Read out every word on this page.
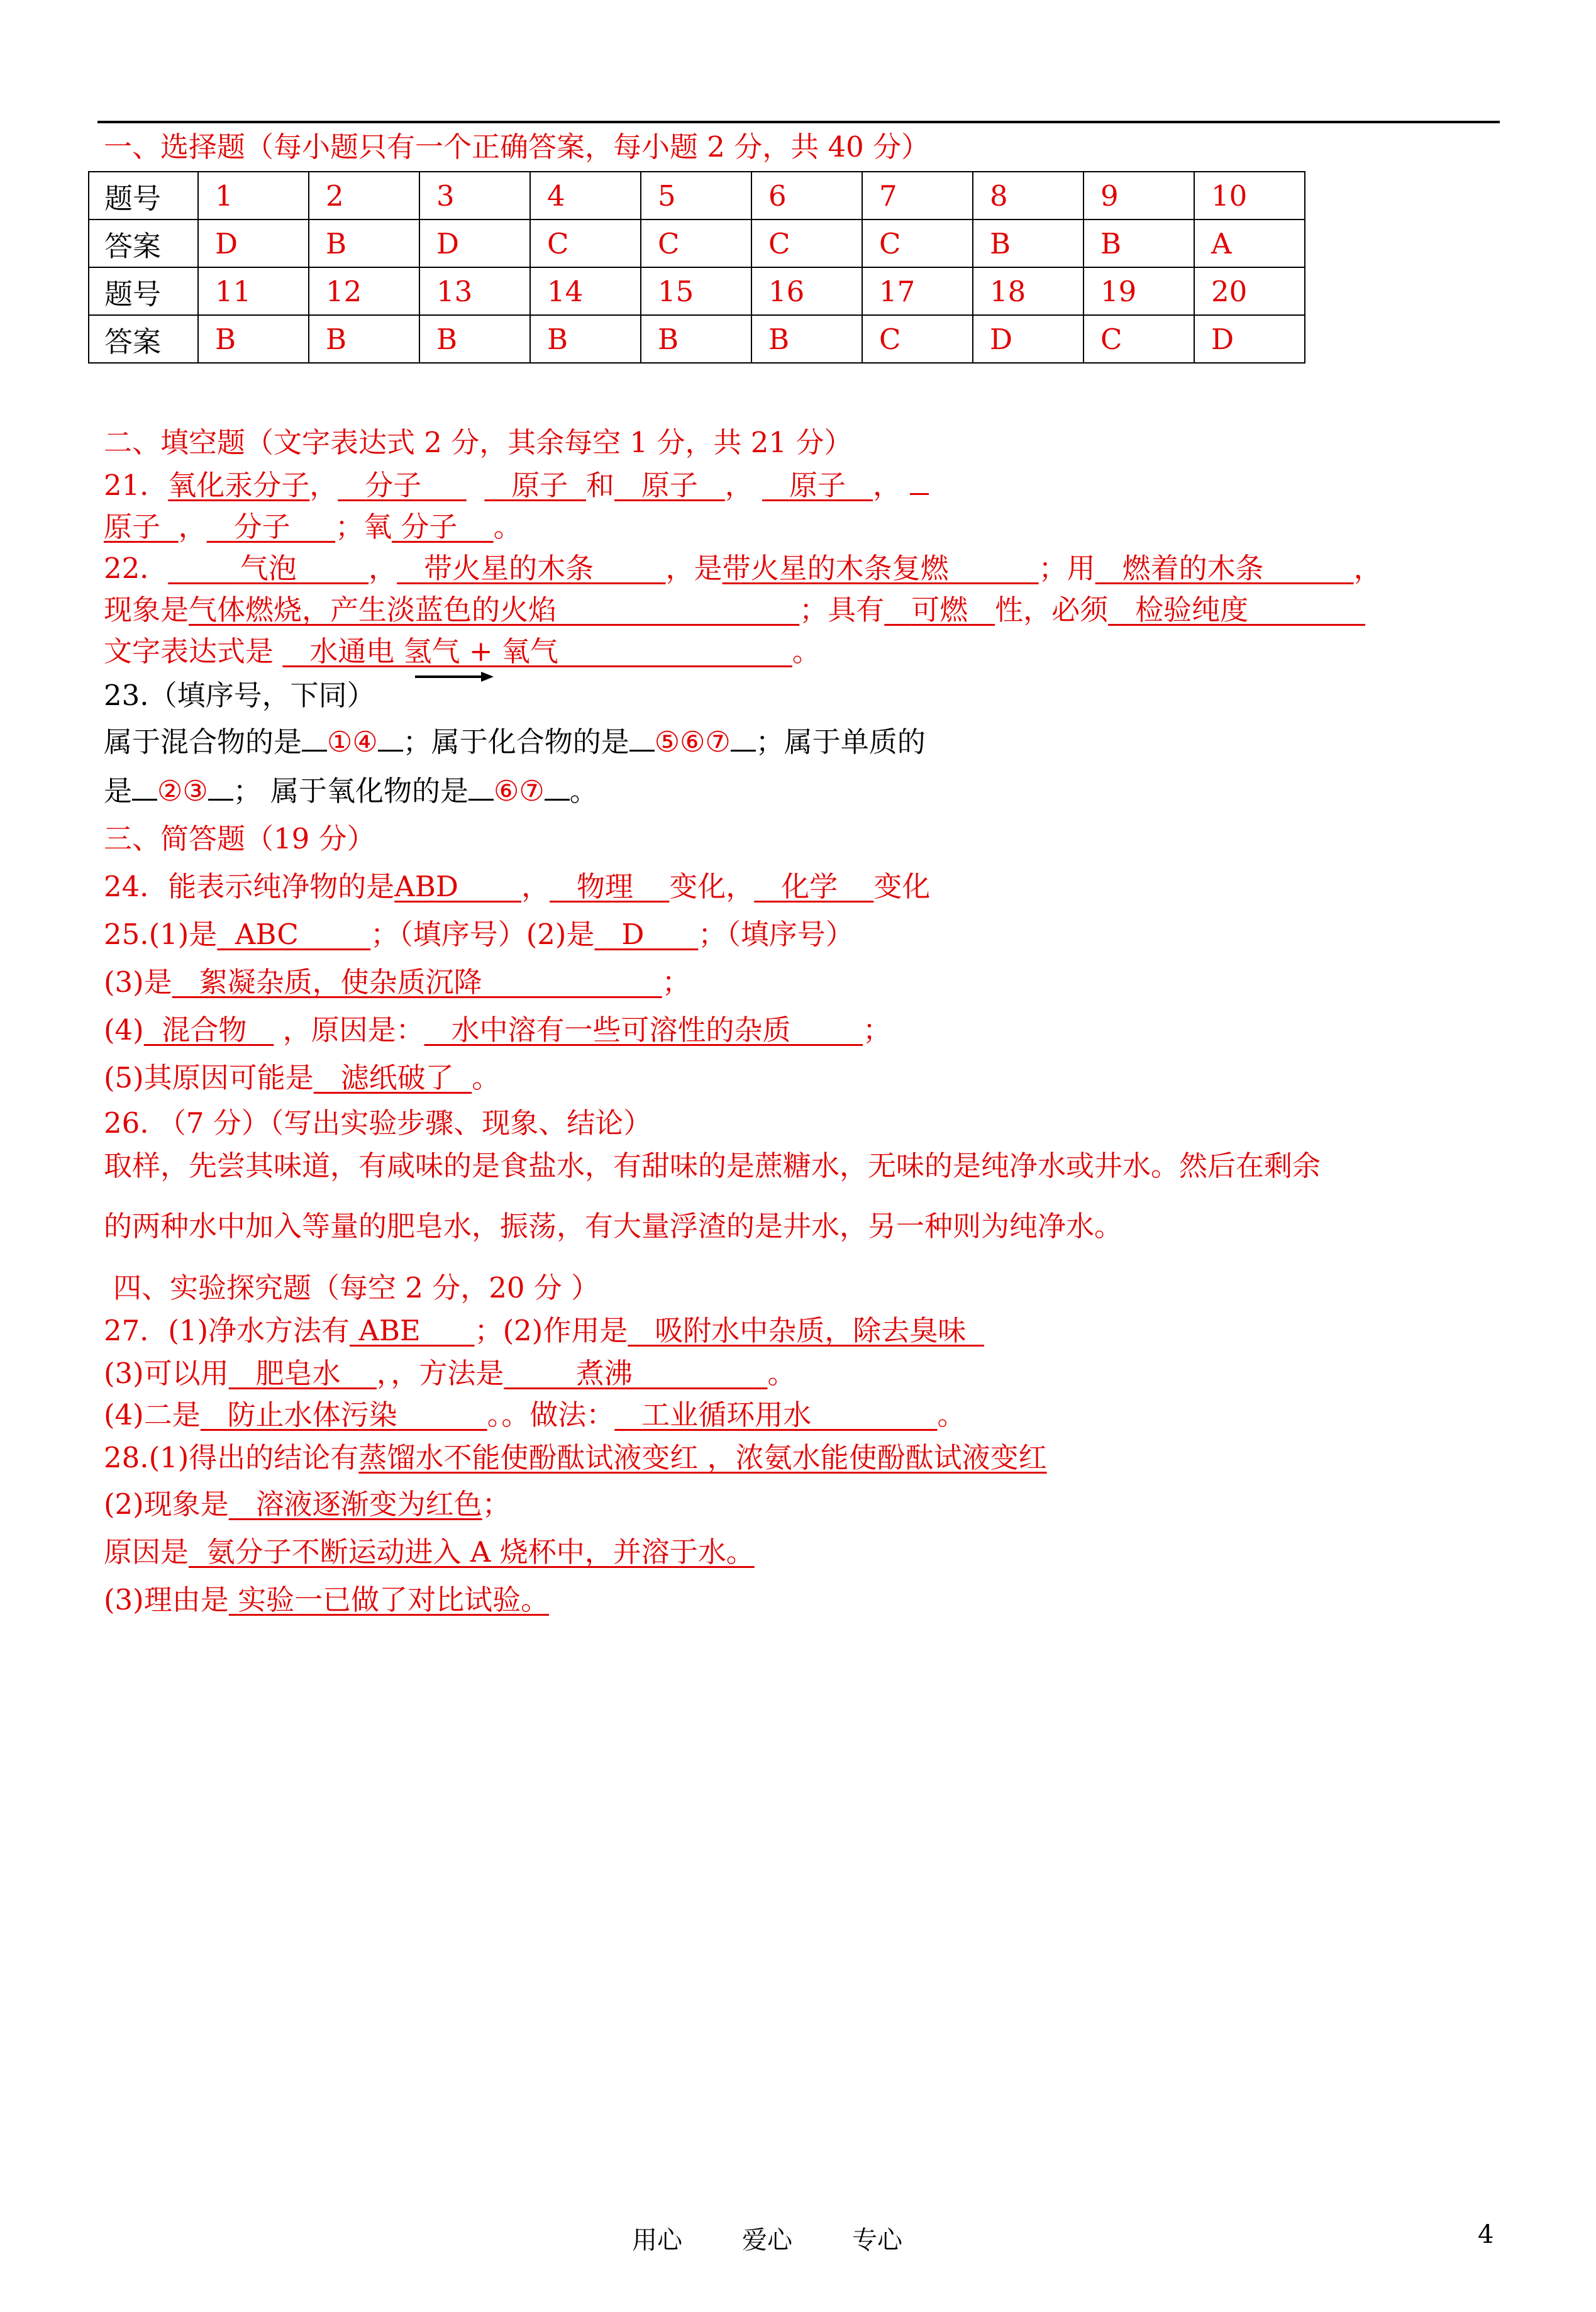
一、选择题（每小题只有一个正确答案，每小题 2 分，共 40 分）
题号	1	2	3	4	5	6	7	8	9	10
答案	D	B	D	C	C	C	C	B	B	A
题号	11	12	13	14	15	16	17	18	19	20
答案	B	B	B	B	B	B	C	D	C	D
二、填空题（文字表达式 2 分，其余每空 1 分，共 21 分）
21．氧化汞分子， 分子	原子 和 原子 ，    原子 ，
原子 ， 分子 ；氧 分子 。
22．	气泡	， 带火星的木条	，是带火星的木条复燃	；用 燃着的木条	，
现象是气体燃烧，产生淡蓝色的火焰	；具有 可燃 性，必须 检验纯度
文字表达式是 水通电 氢气 + 氧气	。
23.（填序号，下同）
属于混合物的是 ①④ ；属于化合物的是 ⑤⑥⑦ ；属于单质的
是 ②③ ； 属于氧化物的是 ⑥⑦ 。
三、简答题（19 分）
24．能表示纯净物的是ABD ， 物理 变化， 化学 变化
25.(1)是 ABC	；（填序号）(2)是 D ；（填序号）
(3)是 絮凝杂质，使杂质沉降	；
(4) 混合物 ，原因是： 水中溶有一些可溶性的杂质	；
(5)其原因可能是 滤纸破了 。
26. （7 分）（写出实验步骤、现象、结论）
取样，先尝其味道，有咸味的是食盐水，有甜味的是蔗糖水，无味的是纯净水或井水。然后在剩余
的两种水中加入等量的肥皂水，振荡，有大量浮渣的是井水，另一种则为纯净水。
四、实验探究题（每空 2 分，20 分 ）
27．(1)净水方法有 ABE ；(2)作用是 吸附水中杂质，除去臭味
(3)可以用 肥皂水 ，，方法是	煮沸	。
(4)二是 防止水体污染	。。做法： 工业循环用水	。
28.(1)得出的结论有蒸馏水不能使酚酞试液变红 ，浓氨水能使酚酞试液变红
(2)现象是 溶液逐渐变为红色；
原因是 氨分子不断运动进入 A 烧杯中，并溶于水。
(3)理由是 实验一已做了对比试验。
用心 爱心 专心	4
